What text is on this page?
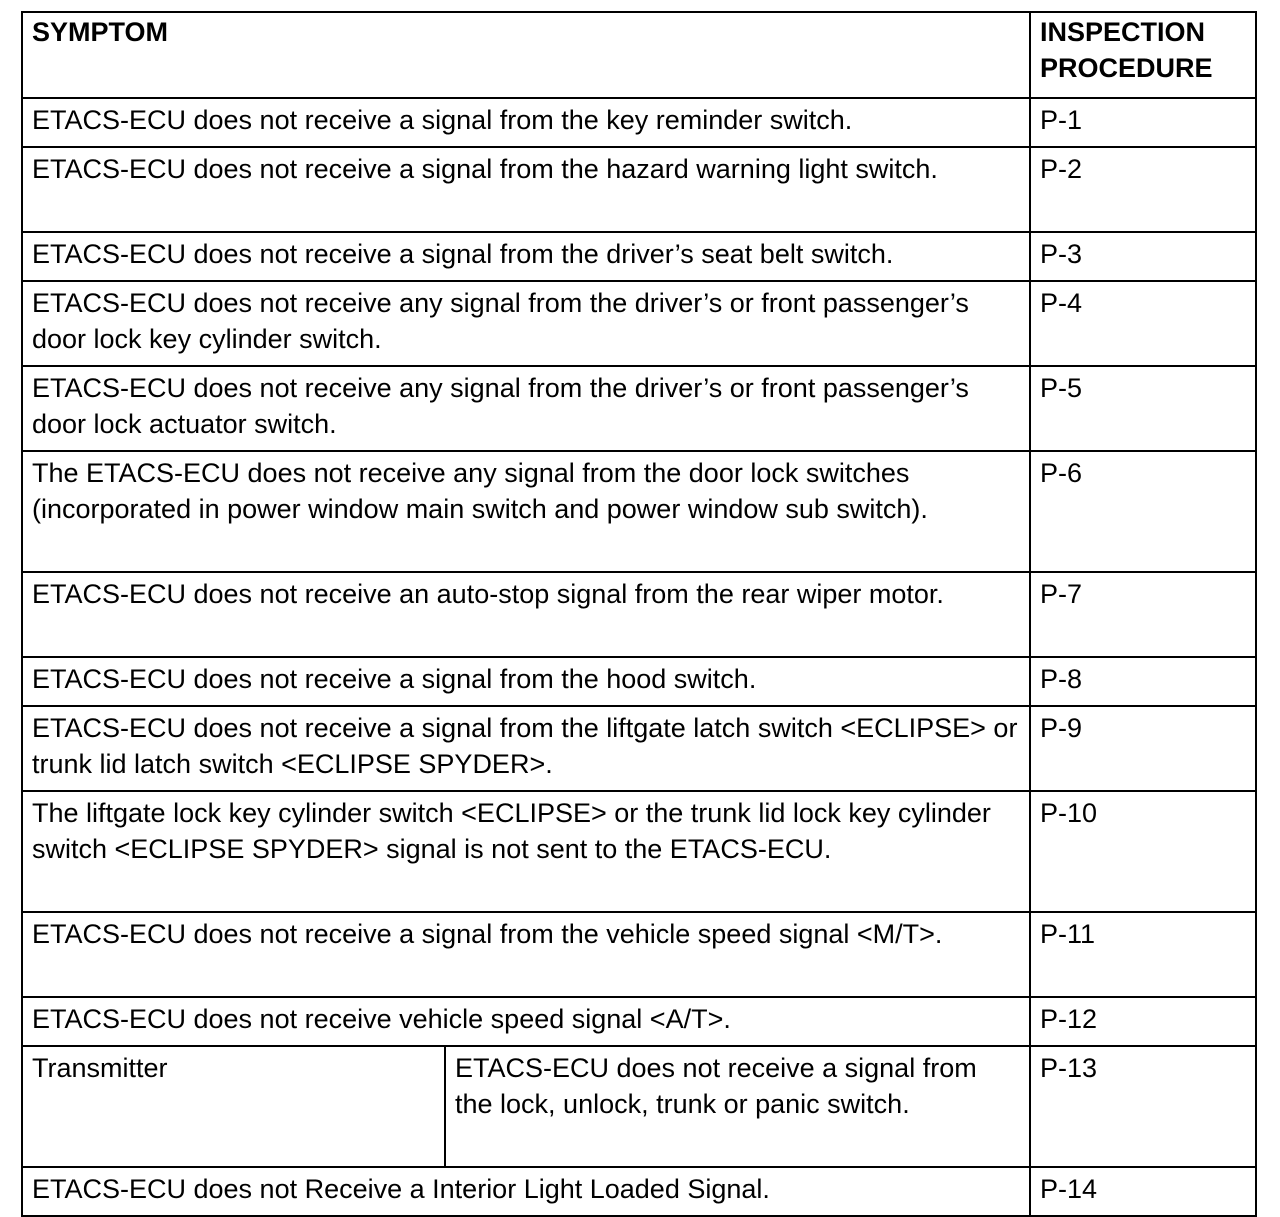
SYMPTOM		INSPECTION PROCEDURE
ETACS-ECU does not receive a signal from the key reminder switch.		P-1
ETACS-ECU does not receive a signal from the hazard warning light switch.		P-2
ETACS-ECU does not receive a signal from the driver’s seat belt switch.		P-3
ETACS-ECU does not receive any signal from the driver’s or front passenger’s door lock key cylinder switch.		P-4
ETACS-ECU does not receive any signal from the driver’s or front passenger’s door lock actuator switch.		P-5
The ETACS-ECU does not receive any signal from the door lock switches (incorporated in power window main switch and power window sub switch).		P-6
ETACS-ECU does not receive an auto-stop signal from the rear wiper motor.		P-7
ETACS-ECU does not receive a signal from the hood switch.		P-8
ETACS-ECU does not receive a signal from the liftgate latch switch <ECLIPSE> or trunk lid latch switch <ECLIPSE SPYDER>.		P-9
The liftgate lock key cylinder switch <ECLIPSE> or the trunk lid lock key cylinder switch <ECLIPSE SPYDER> signal is not sent to the ETACS-ECU.		P-10
ETACS-ECU does not receive a signal from the vehicle speed signal <M/T>.		P-11
ETACS-ECU does not receive vehicle speed signal <A/T>.		P-12
Transmitter	ETACS-ECU does not receive a signal from the lock, unlock, trunk or panic switch.	P-13
ETACS-ECU does not Receive a Interior Light Loaded Signal.		P-14
